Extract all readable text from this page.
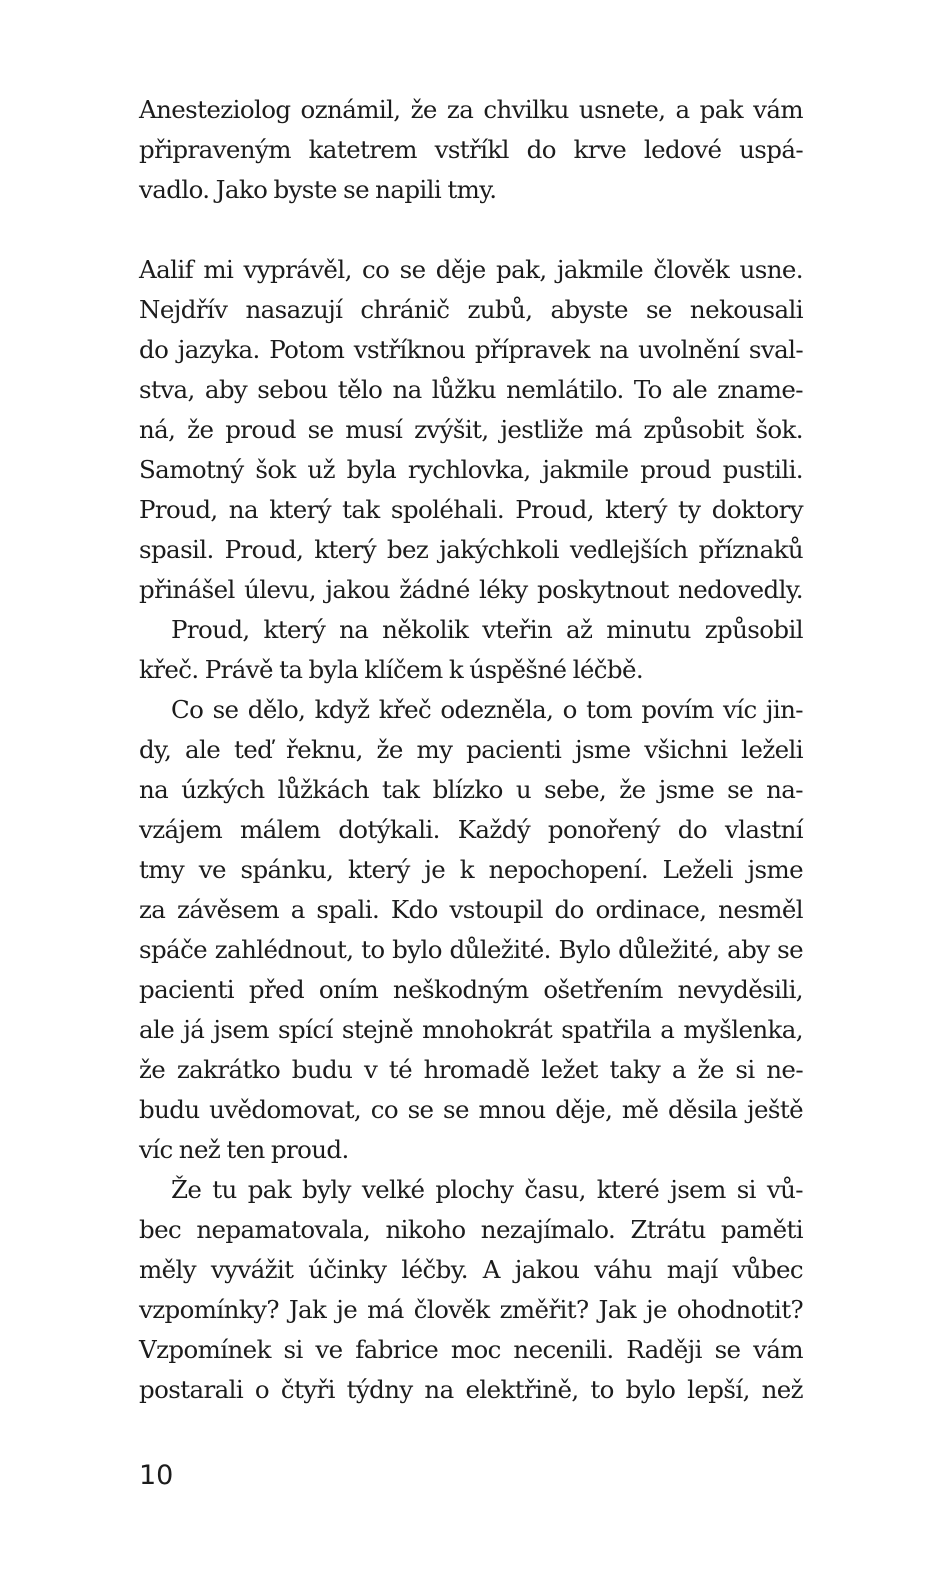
Anesteziolog oznámil, že za chvilku usnete, a pak vám
připraveným katetrem vstříkl do krve ledové uspá-
vadlo. Jako byste se napili tmy.
Aalif mi vyprávěl, co se děje pak, jakmile člověk usne.
Nejdřív nasazují chránič zubů, abyste se nekousali
do jazyka. Potom vstříknou přípravek na uvolnění sval-
stva, aby sebou tělo na lůžku nemlátilo. To ale zname-
ná, že proud se musí zvýšit, jestliže má způsobit šok.
Samotný šok už byla rychlovka, jakmile proud pustili.
Proud, na který tak spoléhali. Proud, který ty doktory
spasil. Proud, který bez jakýchkoli vedlejších příznaků
přinášel úlevu, jakou žádné léky poskytnout nedovedly.
Proud, který na několik vteřin až minutu způsobil
křeč. Právě ta byla klíčem k úspěšné léčbě.
Co se dělo, když křeč odezněla, o tom povím víc jin-
dy, ale teď řeknu, že my pacienti jsme všichni leželi
na úzkých lůžkách tak blízko u sebe, že jsme se na-
vzájem málem dotýkali. Každý ponořený do vlastní
tmy ve spánku, který je k nepochopení. Leželi jsme
za závěsem a spali. Kdo vstoupil do ordinace, nesměl
spáče zahlédnout, to bylo důležité. Bylo důležité, aby se
pacienti před oním neškodným ošetřením nevyděsili,
ale já jsem spící stejně mnohokrát spatřila a myšlenka,
že zakrátko budu v té hromadě ležet taky a že si ne-
budu uvědomovat, co se se mnou děje, mě děsila ještě
víc než ten proud.
Že tu pak byly velké plochy času, které jsem si vů-
bec nepamatovala, nikoho nezajímalo. Ztrátu paměti
měly vyvážit účinky léčby. A jakou váhu mají vůbec
vzpomínky? Jak je má člověk změřit? Jak je ohodnotit?
Vzpomínek si ve fabrice moc necenili. Raději se vám
postarali o čtyři týdny na elektřině, to bylo lepší, než
10
